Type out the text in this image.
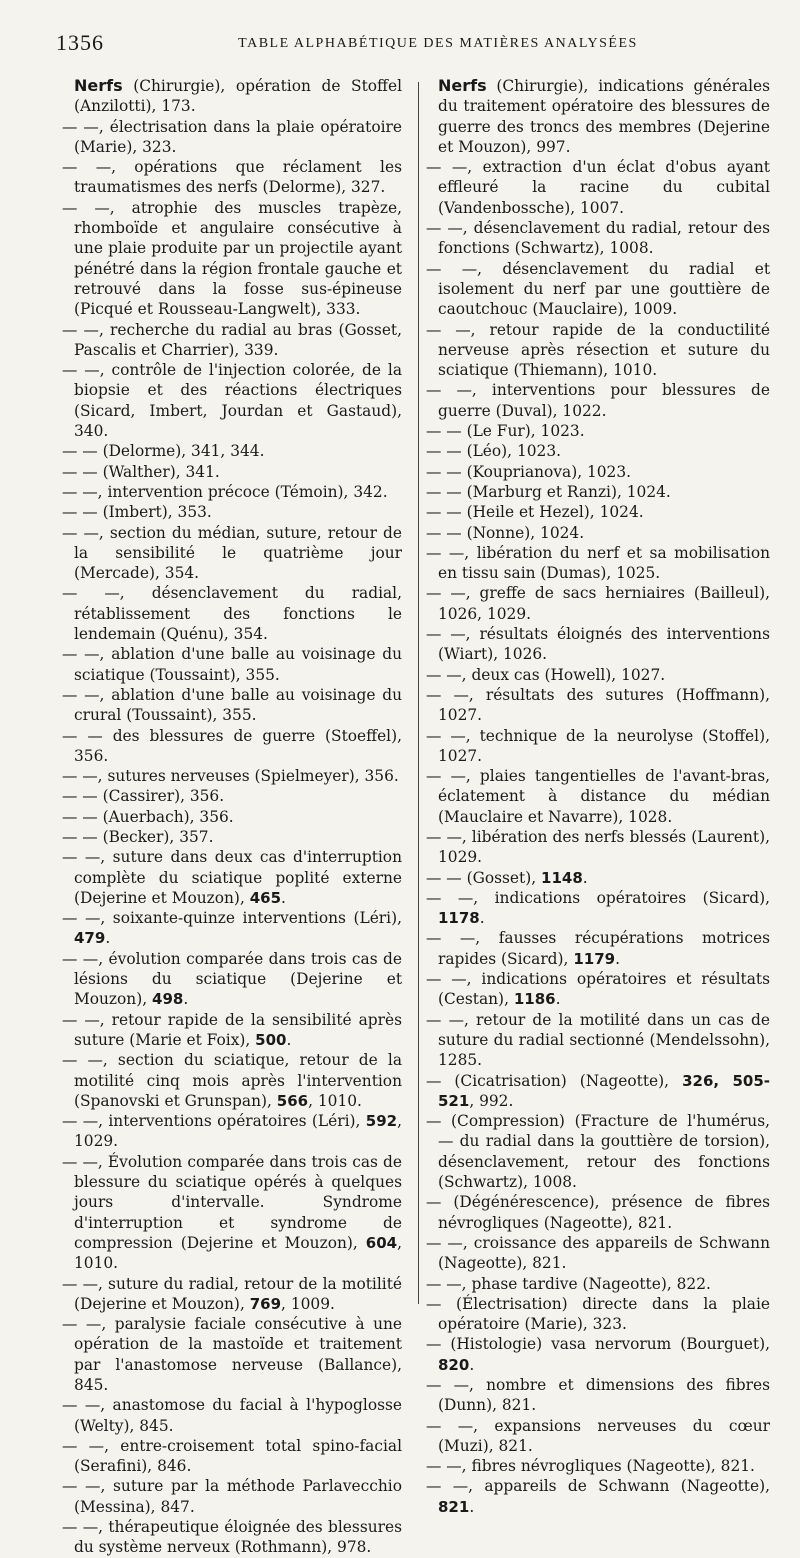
1356	TABLE ALPHABÉTIQUE DES MATIÈRES ANALYSÉES

Nerfs (Chirurgie), opération de Stoffel (Anzilotti), 173.

— —, électrisation dans la plaie opératoire (Marie), 323.

— —, opérations que réclament les traumatismes des nerfs (Delorme), 327.

— —, atrophie des muscles trapèze, rhomboïde et angulaire consécutive à une plaie produite par un projectile ayant pénétré dans la région frontale gauche et retrouvé dans la fosse sus-épineuse (Picqué et Rousseau-Langwelt), 333.

— —, recherche du radial au bras (Gosset, Pascalis et Charrier), 339.

— —, contrôle de l'injection colorée, de la biopsie et des réactions électriques (Sicard, Imbert, Jourdan et Gastaud), 340.

— — (Delorme), 341, 344.

— — (Walther), 341.

— —, intervention précoce (Témoin), 342.

— — (Imbert), 353.

— —, section du médian, suture, retour de la sensibilité le quatrième jour (Mercade), 354.

— —, désenclavement du radial, rétablissement des fonctions le lendemain (Quénu), 354.

— —, ablation d'une balle au voisinage du sciatique (Toussaint), 355.

— —, ablation d'une balle au voisinage du crural (Toussaint), 355.

— — des blessures de guerre (Stoeffel), 356.

— —, sutures nerveuses (Spielmeyer), 356.

— — (Cassirer), 356.

— — (Auerbach), 356.

— — (Becker), 357.

— —, suture dans deux cas d'interruption complète du sciatique poplité externe (Dejerine et Mouzon), 465.

— —, soixante-quinze interventions (Léri), 479.

— —, évolution comparée dans trois cas de lésions du sciatique (Dejerine et Mouzon), 498.

— —, retour rapide de la sensibilité après suture (Marie et Foix), 500.

— —, section du sciatique, retour de la motilité cinq mois après l'intervention (Spanovski et Grunspan), 566, 1010.

— —, interventions opératoires (Léri), 592, 1029.

— —, Évolution comparée dans trois cas de blessure du sciatique opérés à quelques jours d'intervalle. Syndrome d'interruption et syndrome de compression (Dejerine et Mouzon), 604, 1010.

— —, suture du radial, retour de la motilité (Dejerine et Mouzon), 769, 1009.

— —, paralysie faciale consécutive à une opération de la mastoïde et traitement par l'anastomose nerveuse (Ballance), 845.

— —, anastomose du facial à l'hypoglosse (Welty), 845.

— —, entre-croisement total spino-facial (Serafini), 846.

— —, suture par la méthode Parlavecchio (Messina), 847.

— —, thérapeutique éloignée des blessures du système nerveux (Rothmann), 978.

Nerfs (Chirurgie), indications générales du traitement opératoire des blessures de guerre des troncs des membres (Dejerine et Mouzon), 997.

— —, extraction d'un éclat d'obus ayant effleuré la racine du cubital (Vandenbossche), 1007.

— —, désenclavement du radial, retour des fonctions (Schwartz), 1008.

— —, désenclavement du radial et isolement du nerf par une gouttière de caoutchouc (Mauclaire), 1009.

— —, retour rapide de la conductilité nerveuse après résection et suture du sciatique (Thiemann), 1010.

— —, interventions pour blessures de guerre (Duval), 1022.

— — (Le Fur), 1023.

— — (Léo), 1023.

— — (Kouprianova), 1023.

— — (Marburg et Ranzi), 1024.

— — (Heile et Hezel), 1024.

— — (Nonne), 1024.

— —, libération du nerf et sa mobilisation en tissu sain (Dumas), 1025.

— —, greffe de sacs herniaires (Bailleul), 1026, 1029.

— —, résultats éloignés des interventions (Wiart), 1026.

— —, deux cas (Howell), 1027.

— —, résultats des sutures (Hoffmann), 1027.

— —, technique de la neurolyse (Stoffel), 1027.

— —, plaies tangentielles de l'avant-bras, éclatement à distance du médian (Mauclaire et Navarre), 1028.

— —, libération des nerfs blessés (Laurent), 1029.

— — (Gosset), 1148.

— —, indications opératoires (Sicard), 1178.

— —, fausses récupérations motrices rapides (Sicard), 1179.

— —, indications opératoires et résultats (Cestan), 1186.

— —, retour de la motilité dans un cas de suture du radial sectionné (Mendelssohn), 1285.

— (Cicatrisation) (Nageotte), 326, 505-521, 992.

— (Compression) (Fracture de l'humérus, — du radial dans la gouttière de torsion), désenclavement, retour des fonctions (Schwartz), 1008.

— (Dégénérescence), présence de fibres névrogliques (Nageotte), 821.

— —, croissance des appareils de Schwann (Nageotte), 821.

— —, phase tardive (Nageotte), 822.

— (Électrisation) directe dans la plaie opératoire (Marie), 323.

— (Histologie) vasa nervorum (Bourguet), 820.

— —, nombre et dimensions des fibres (Dunn), 821.

— —, expansions nerveuses du cœur (Muzi), 821.

— —, fibres névrogliques (Nageotte), 821.

— —, appareils de Schwann (Nageotte), 821.
